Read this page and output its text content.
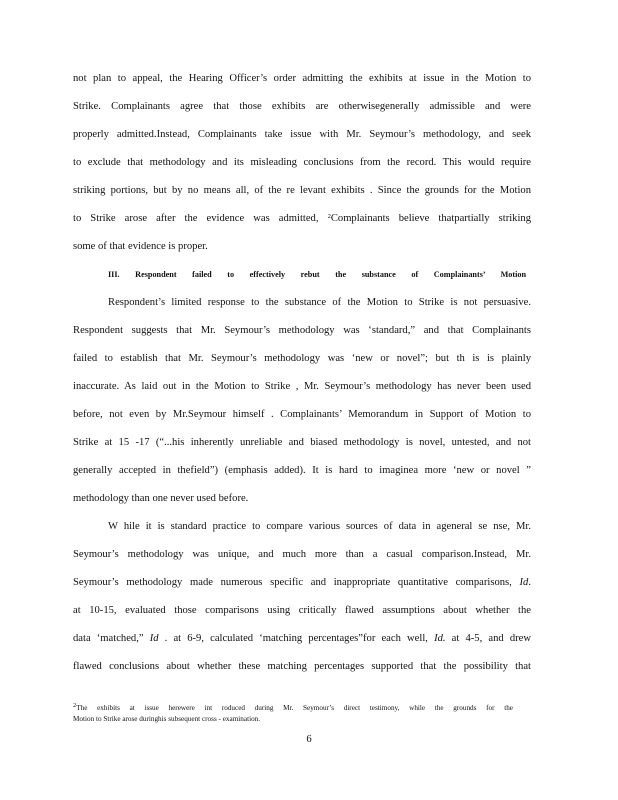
not plan to appeal, the Hearing Officer’s order admitting the exhibits at issue in the Motion to
Strike. Complainants agree that those exhibits are otherwisegenerally admissible and were
properly admitted.Instead, Complainants take issue with Mr. Seymour’s methodology, and seek
to exclude that methodology and its misleading conclusions from the record. This would require
striking portions, but by no means all, of the re levant exhibits . Since the grounds for the Motion
to Strike arose after the evidence was admitted, $^2$Complainants believe thatpartially striking
some of that evidence is proper.
III. Respondent failed to effectively rebut the substance of Complainants’ Motion
Respondent’s limited response to the substance of the Motion to Strike is not persuasive.
Respondent suggests that Mr. Seymour’s methodology was ‘standard,” and that Complainants
failed to establish that Mr. Seymour’s methodology was ‘new or novel”; but th is is plainly
inaccurate. As laid out in the Motion to Strike , Mr. Seymour’s methodology has never been used
before, not even by Mr.Seymour himself . Complainants’ Memorandum in Support of Motion to
Strike at 15 -17 (“...his inherently unreliable and biased methodology is novel, untested, and not
generally accepted in thefield”) (emphasis added). It is hard to imaginea more ‘new or novel ”
methodology than one never used before.
W hile it is standard practice to compare various sources of data in ageneral se nse, Mr.
Seymour’s methodology was unique, and much more than a casual comparison.Instead, Mr.
Seymour’s methodology made numerous specific and inappropriate quantitative comparisons, Id.
at 10-15, evaluated those comparisons using critically flawed assumptions about whether the
data ‘matched,” Id . at 6-9, calculated ‘matching percentages”for each well, Id. at 4-5, and drew
flawed conclusions about whether these matching percentages supported that the possibility that
$^2$The exhibits at issue herewere int roduced during Mr. Seymour’s direct testimony, while the grounds for the
Motion to Strike arose duringhis subsequent cross - examination.
6
